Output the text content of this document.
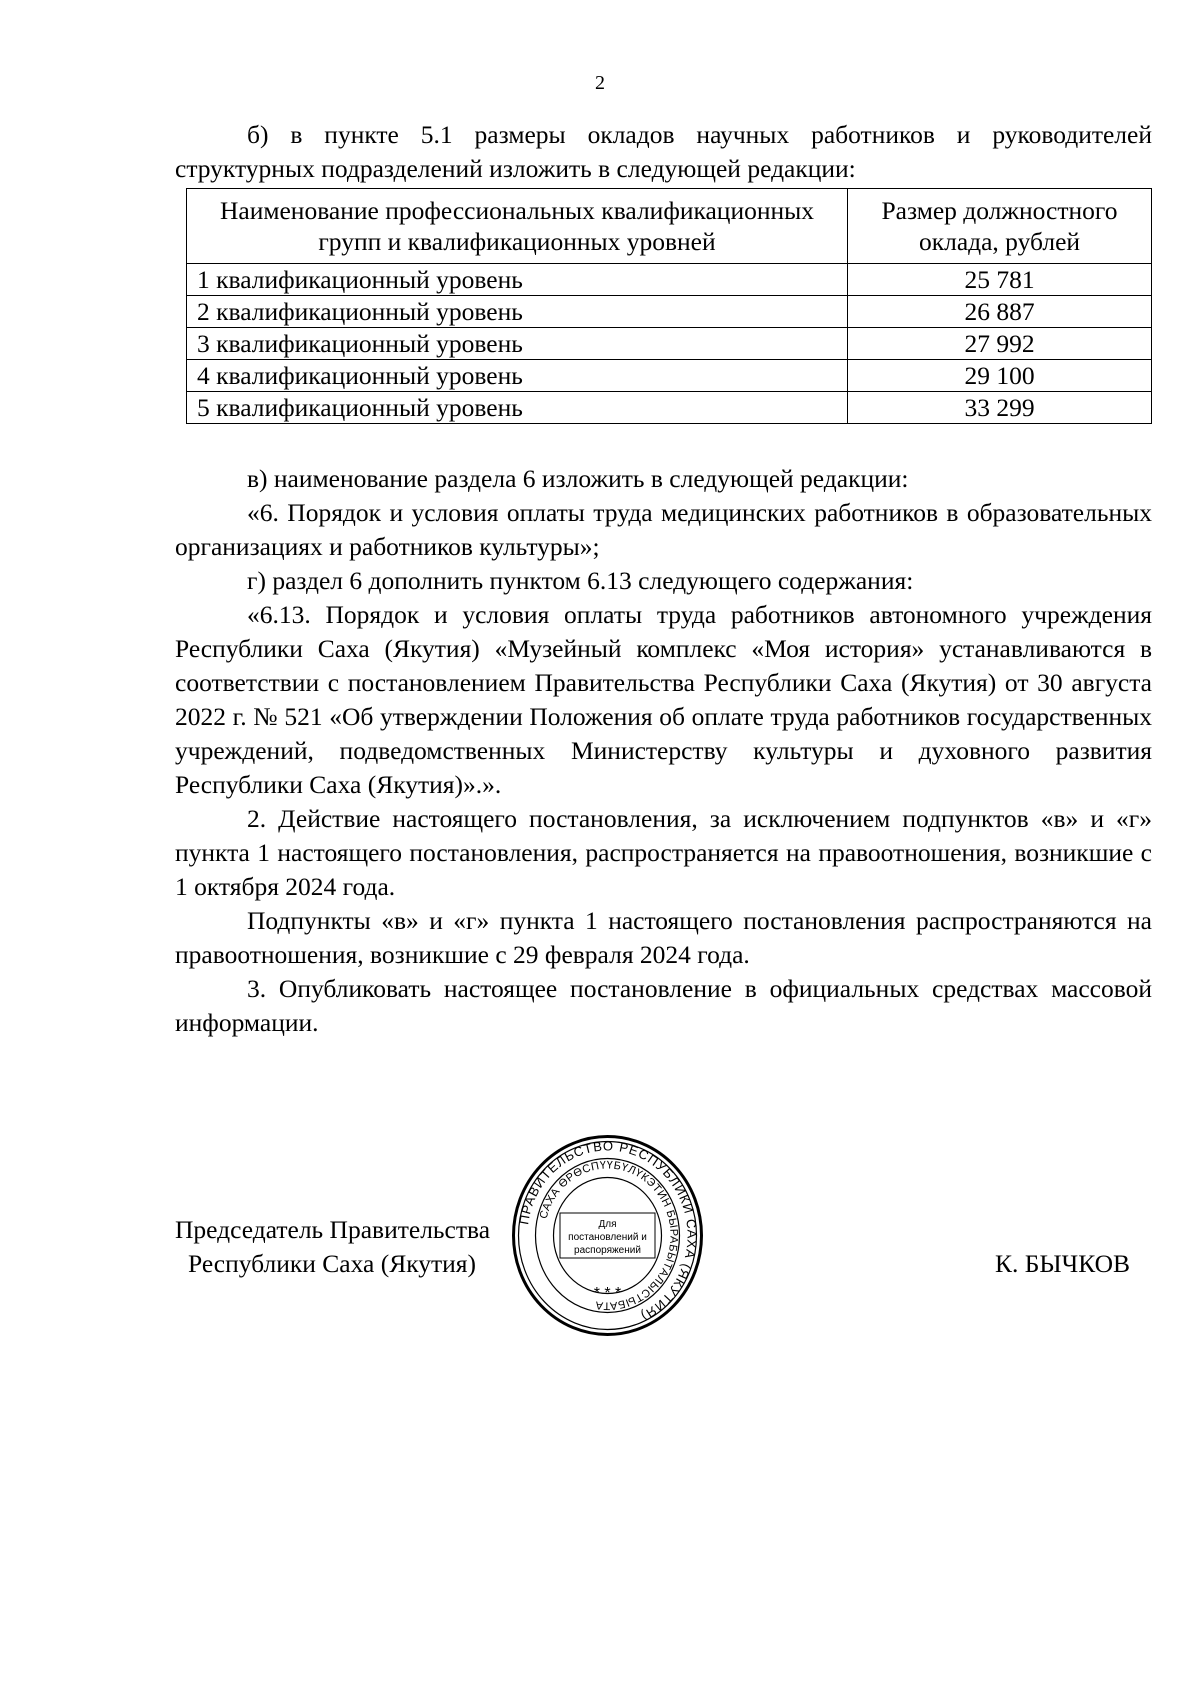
2

б) в пункте 5.1 размеры окладов научных работников и руководителей структурных подразделений изложить в следующей редакции:

Наименование профессиональных квалификационных групп и квалификационных уровней	Размер должностного оклада, рублей
1 квалификационный уровень	25 781
2 квалификационный уровень	26 887
3 квалификационный уровень	27 992
4 квалификационный уровень	29 100
5 квалификационный уровень	33 299

в) наименование раздела 6 изложить в следующей редакции:

«6. Порядок и условия оплаты труда медицинских работников в образовательных организациях и работников культуры»;

г) раздел 6 дополнить пунктом 6.13 следующего содержания:

«6.13. Порядок и условия оплаты труда работников автономного учреждения Республики Саха (Якутия) «Музейный комплекс «Моя история» устанавливаются в соответствии с постановлением Правительства Республики Саха (Якутия) от 30 августа 2022 г. № 521 «Об утверждении Положения об оплате труда работников государственных учреждений, подведомственных Министерству культуры и духовного развития Республики Саха (Якутия)».».

2. Действие настоящего постановления, за исключением подпунктов «в» и «г» пункта 1 настоящего постановления, распространяется на правоотношения, возникшие с 1 октября 2024 года.

Подпункты «в» и «г» пункта 1 настоящего постановления распространяются на правоотношения, возникшие с 29 февраля 2024 года.

3. Опубликовать настоящее постановление в официальных средствах массовой информации.

ПРАВИТЕЛЬСТВО РЕСПУБЛИКИ САХА (ЯКУТИЯ)
САХА ӨРӨСПҮҮБҮЛҮКЭТИН БЫРАБЫТАЛЫСТЫБАТА
Для
постановлений и
распоряжений
* * *
Председатель Правительства
Республики Саха (Якутия)	К. БЫЧКОВ
